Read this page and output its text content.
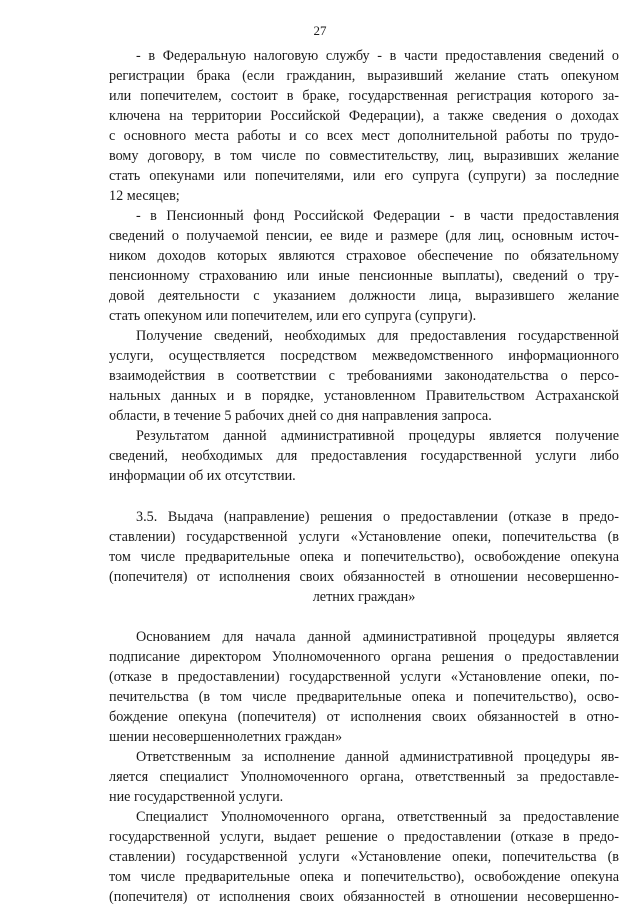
27
- в Федеральную налоговую службу - в части предоставления сведений о
регистрации брака (если гражданин, выразивший желание стать опекуном
или попечителем, состоит в браке, государственная регистрация которого за-
ключена на территории Российской Федерации), а также сведения о доходах
с основного места работы и со всех мест дополнительной работы по трудо-
вому договору, в том числе по совместительству, лиц, выразивших желание
стать опекунами или попечителями, или его супруга (супруги) за последние
12 месяцев;
- в Пенсионный фонд Российской Федерации - в части предоставления
сведений о получаемой пенсии, ее виде и размере (для лиц, основным источ-
ником доходов которых являются страховое обеспечение по обязательному
пенсионному страхованию или иные пенсионные выплаты), сведений о тру-
довой деятельности с указанием должности лица, выразившего желание
стать опекуном или попечителем, или его супруга (супруги).
Получение сведений, необходимых для предоставления государственной
услуги, осуществляется посредством межведомственного информационного
взаимодействия в соответствии с требованиями законодательства о персо-
нальных данных и в порядке, установленном Правительством Астраханской
области, в течение 5 рабочих дней со дня направления запроса.
Результатом данной административной процедуры является получение
сведений, необходимых для предоставления государственной услуги либо
информации об их отсутствии.
3.5. Выдача (направление) решения о предоставлении (отказе в предо-
ставлении) государственной услуги «Установление опеки, попечительства (в
том числе предварительные опека и попечительство), освобождение опекуна
(попечителя) от исполнения своих обязанностей в отношении несовершенно-
летних граждан»
Основанием для начала данной административной процедуры является
подписание директором Уполномоченного органа решения о предоставлении
(отказе в предоставлении) государственной услуги «Установление опеки, по-
печительства (в том числе предварительные опека и попечительство), осво-
бождение опекуна (попечителя) от исполнения своих обязанностей в отно-
шении несовершеннолетних граждан»
Ответственным за исполнение данной административной процедуры яв-
ляется специалист Уполномоченного органа, ответственный за предоставле-
ние государственной услуги.
Специалист Уполномоченного органа, ответственный за предоставление
государственной услуги, выдает решение о предоставлении (отказе в предо-
ставлении) государственной услуги «Установление опеки, попечительства (в
том числе предварительные опека и попечительство), освобождение опекуна
(попечителя) от исполнения своих обязанностей в отношении несовершенно-
